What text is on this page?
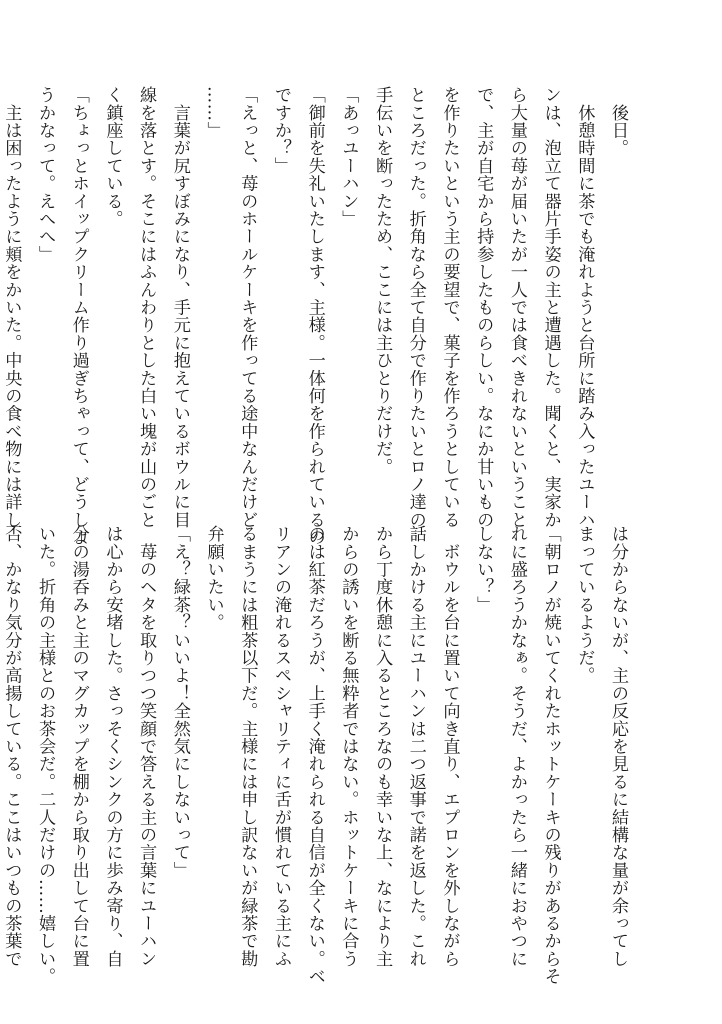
　後日。
　休憩時間に茶でも淹れようと台所に踏み入ったユーハ
ンは、泡立て器片手姿の主と遭遇した。聞くと、実家か
ら大量の苺が届いたが一人では食べきれないということ
で、主が自宅から持参したものらしい。なにか甘いもの
を作りたいという主の要望で、菓子を作ろうとしている
ところだった。折角なら全て自分で作りたいとロノ達の
手伝いを断ったため、ここには主ひとりだけだ。
「あっユーハン」
「御前を失礼いたします、主様。一体何を作られているの
ですか？」
「えっと、苺のホールケーキを作ってる途中なんだけど
……」
　言葉が尻すぼみになり、手元に抱えているボウルに目
線を落とす。そこにはふんわりとした白い塊が山のごと
く鎮座している。
「ちょっとホイップクリーム作り過ぎちゃって、どうしよ
うかなって。えへへ」
　主は困ったように頬をかいた。中央の食べ物には詳し
は分からないが、主の反応を見るに結構な量が余ってし
まっているようだ。
「朝ロノが焼いてくれたホットケーキの残りがあるからそ
れに盛ろうかなぁ。そうだ、よかったら一緒におやつに
しない？」
　ボウルを台に置いて向き直り、エプロンを外しながら
話しかける主にユーハンは二つ返事で諾を返した。これ
から丁度休憩に入るところなのも幸いな上、なにより主
からの誘いを断る無粋者ではない。ホットケーキに合う
のは紅茶だろうが、上手く淹れられる自信が全くない。ベ
リアンの淹れるスペシャリティに舌が慣れている主にふ
るまうには粗茶以下だ。主様には申し訳ないが緑茶で勘
弁願いたい。
「え？緑茶？いいよ！全然気にしないって」
　苺のヘタを取りつつ笑顔で答える主の言葉にユーハン
は心から安堵した。さっそくシンクの方に歩み寄り、自
分の湯呑みと主のマグカップを棚から取り出して台に置
いた。折角の主様とのお茶会だ。二人だけの……嬉しい。
否、かなり気分が高揚している。ここはいつもの茶葉で
